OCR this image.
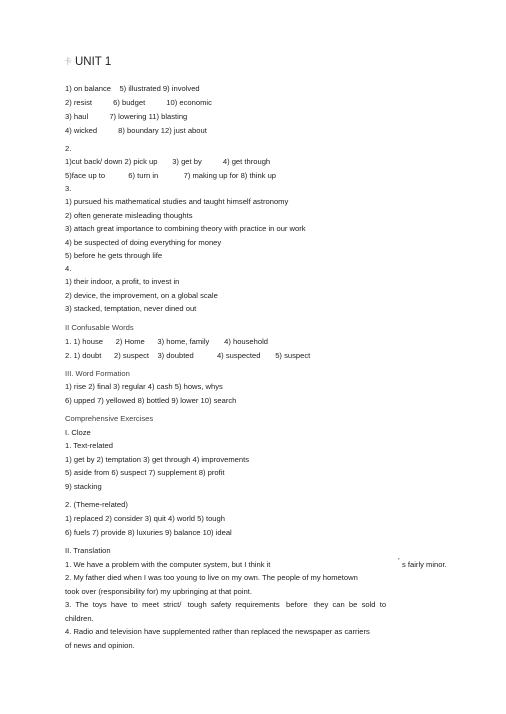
卡 UNIT 1
1) on balance    5) illustrated 9) involved
2) resist          6) budget          10) economic
3) haul          7) lowering 11) blasting
4) wicked          8) boundary 12) just about
2.
1)cut back/ down 2) pick up       3) get by          4) get through
5)face up to           6) turn in            7) making up for 8) think up
3.
1) pursued his mathematical studies and taught himself astronomy
2) often generate misleading thoughts
3) attach great importance to combining theory with practice in our work
4) be suspected of doing everything for money
5) before he gets through life
4.
1) their indoor, a profit, to invest in
2) device, the improvement, on a global scale
3) stacked, temptation, never dined out
II Confusable Words
1. 1) house      2) Home      3) home, family       4) household
2. 1) doubt      2) suspect    3) doubted           4) suspected       5) suspect
III. Word Formation
1) rise 2) final 3) regular 4) cash 5) hows, whys
6) upped 7) yellowed 8) bottled 9) lower 10) search
Comprehensive Exercises
I. Cloze
1. Text-related
1) get by 2) temptation 3) get through 4) improvements
5) aside from 6) suspect 7) supplement 8) profit
9) stacking
2. (Theme-related)
1) replaced 2) consider 3) quit 4) world 5) tough
6) fuels 7) provide 8) luxuries 9) balance 10) ideal
II. Translation
1. We have a problem with the computer system, but I think it	’ s fairly minor.
2. My father died when I was too young to live on my own. The people of my hometown
took over (responsibility for) my upbringing at that point.
3.  The  toys  have  to  meet  strict/   tough  safety  requirements   before   they  can  be  sold  to
children.
4. Radio and television have supplemented rather than replaced the newspaper as carriers
of news and opinion.
